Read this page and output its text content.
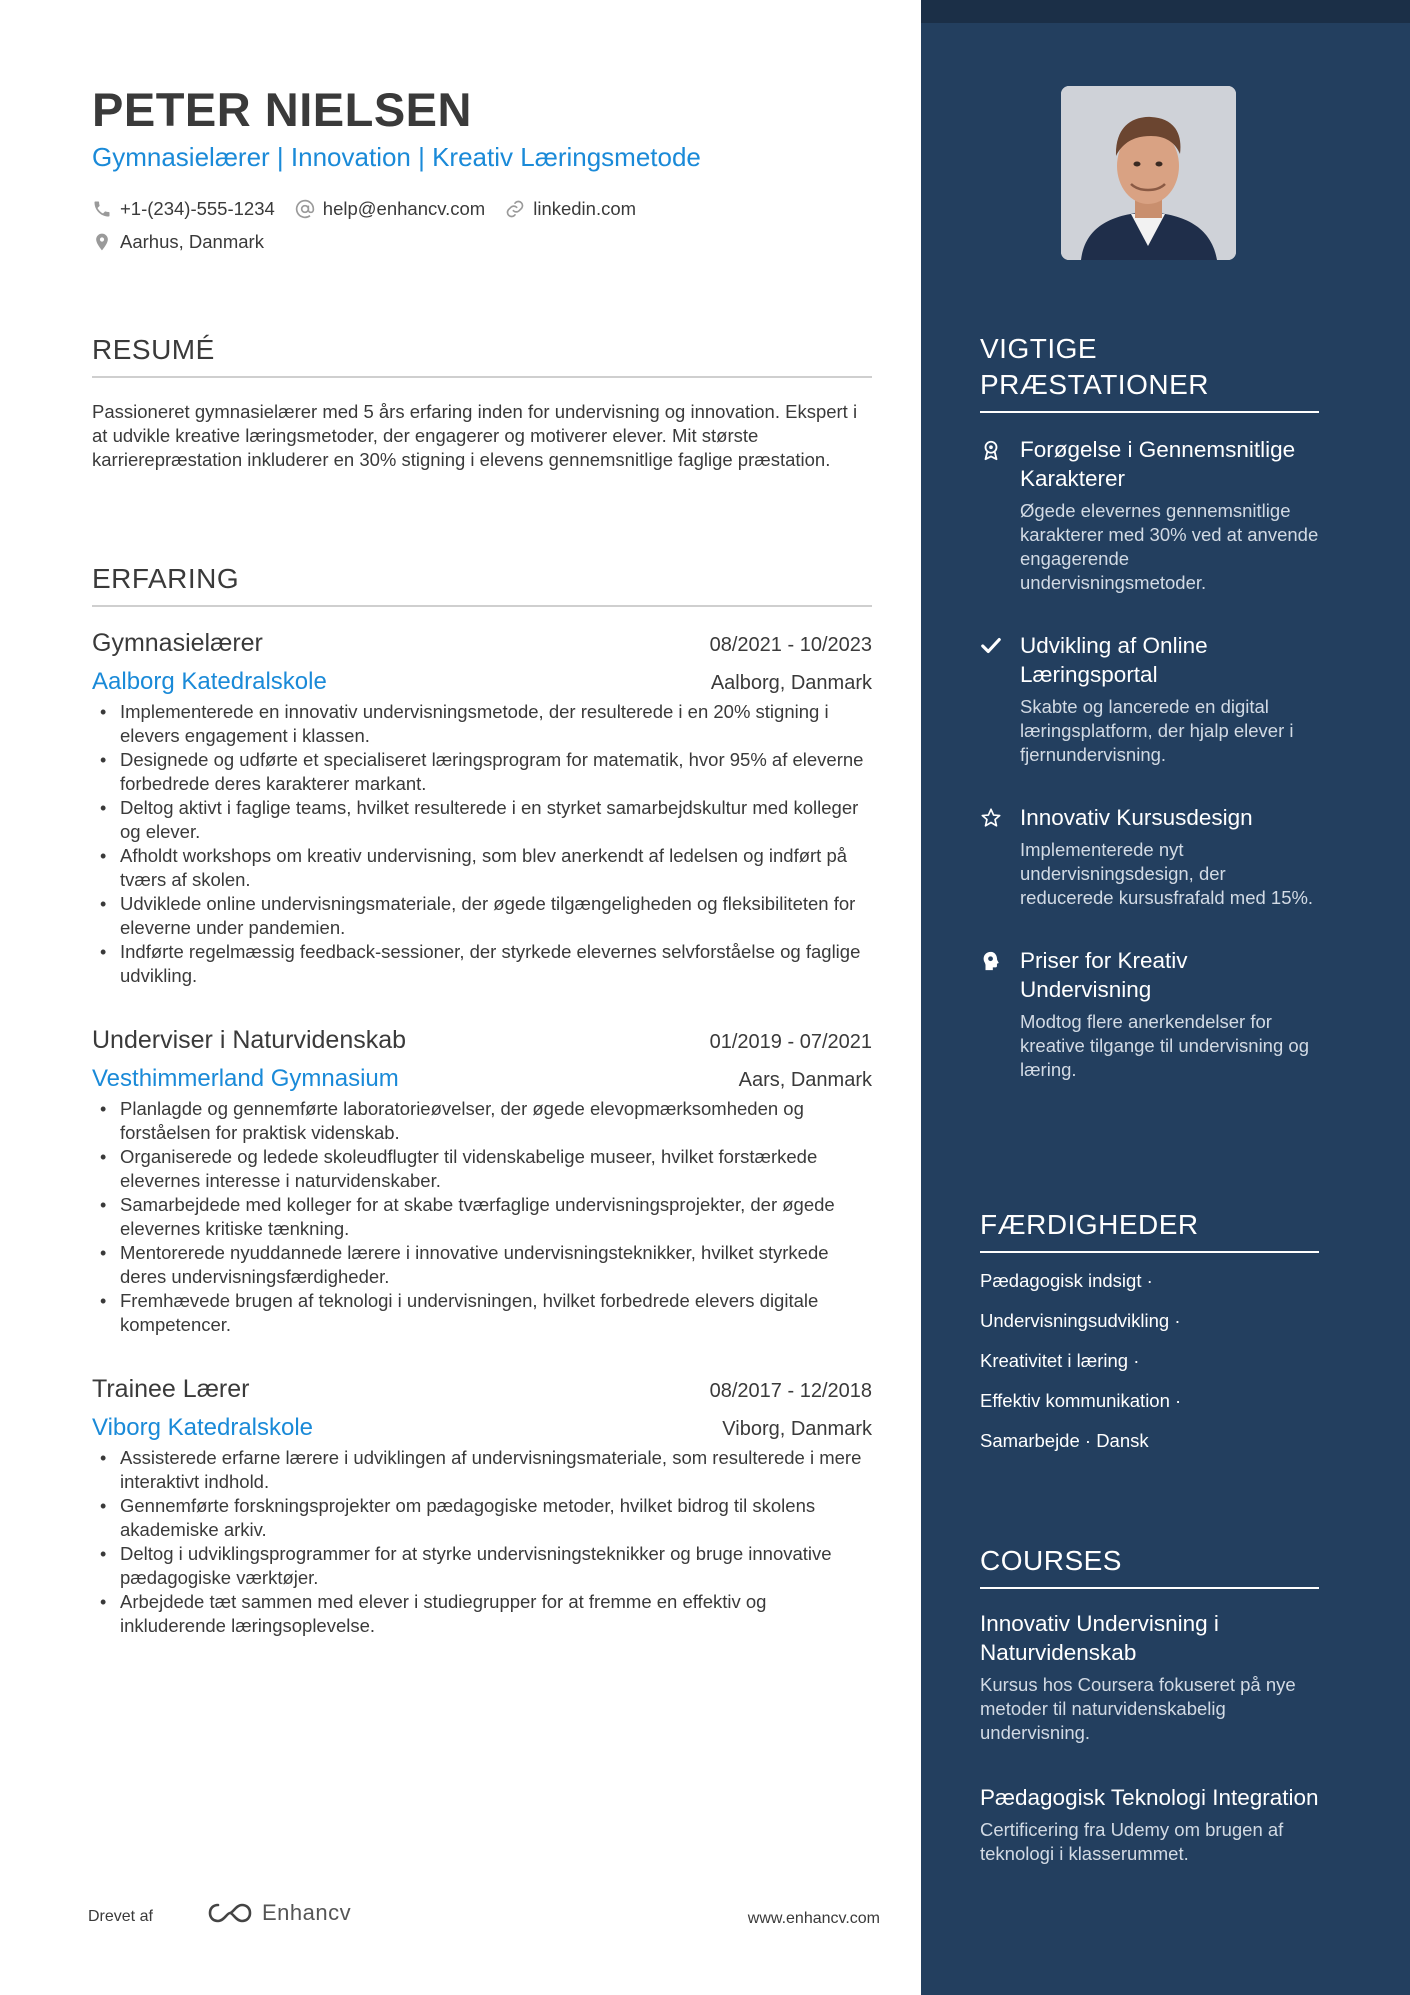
PETER NIELSEN
Gymnasielærer | Innovation | Kreativ Læringsmetode
+1-(234)-555-1234	help@enhancv.com	linkedin.com
Aarhus, Danmark
RESUMÉ

Passioneret gymnasielærer med 5 års erfaring inden for undervisning og innovation. Ekspert i at udvikle kreative læringsmetoder, der engagerer og motiverer elever. Mit største karrierepræstation inkluderer en 30% stigning i elevens gennemsnitlige faglige præstation.

ERFARING
Gymnasielærer	08/2021 - 10/2023
Aalborg Katedralskole	Aalborg, Danmark
• Implementerede en innovativ undervisningsmetode, der resulterede i en 20% stigning i elevers engagement i klassen.
• Designede og udførte et specialiseret læringsprogram for matematik, hvor 95% af eleverne forbedrede deres karakterer markant.
• Deltog aktivt i faglige teams, hvilket resulterede i en styrket samarbejdskultur med kolleger og elever.
• Afholdt workshops om kreativ undervisning, som blev anerkendt af ledelsen og indført på tværs af skolen.
• Udviklede online undervisningsmateriale, der øgede tilgængeligheden og fleksibiliteten for eleverne under pandemien.
• Indførte regelmæssig feedback-sessioner, der styrkede elevernes selvforståelse og faglige udvikling.
Underviser i Naturvidenskab	01/2019 - 07/2021
Vesthimmerland Gymnasium	Aars, Danmark
• Planlagde og gennemførte laboratorieøvelser, der øgede elevopmærksomheden og forståelsen for praktisk videnskab.
• Organiserede og ledede skoleudflugter til videnskabelige museer, hvilket forstærkede elevernes interesse i naturvidenskaber.
• Samarbejdede med kolleger for at skabe tværfaglige undervisningsprojekter, der øgede elevernes kritiske tænkning.
• Mentorerede nyuddannede lærere i innovative undervisningsteknikker, hvilket styrkede deres undervisningsfærdigheder.
• Fremhævede brugen af teknologi i undervisningen, hvilket forbedrede elevers digitale kompetencer.
Trainee Lærer	08/2017 - 12/2018
Viborg Katedralskole	Viborg, Danmark
• Assisterede erfarne lærere i udviklingen af undervisningsmateriale, som resulterede i mere interaktivt indhold.
• Gennemførte forskningsprojekter om pædagogiske metoder, hvilket bidrog til skolens akademiske arkiv.
• Deltog i udviklingsprogrammer for at styrke undervisningsteknikker og bruge innovative pædagogiske værktøjer.
• Arbejdede tæt sammen med elever i studiegrupper for at fremme en effektiv og inkluderende læringsoplevelse.
Drevet af	Enhancv	www.enhancv.com
VIGTIGE PRÆSTATIONER
Forøgelse i Gennemsnitlige Karakterer
Øgede elevernes gennemsnitlige karakterer med 30% ved at anvende engagerende undervisningsmetoder.
Udvikling af Online Læringsportal
Skabte og lancerede en digital læringsplatform, der hjalp elever i fjernundervisning.
Innovativ Kursusdesign
Implementerede nyt undervisningsdesign, der reducerede kursusfrafald med 15%.
Priser for Kreativ Undervisning
Modtog flere anerkendelser for kreative tilgange til undervisning og læring.
FÆRDIGHEDER
Pædagogisk indsigt ·
Undervisningsudvikling ·
Kreativitet i læring ·
Effektiv kommunikation ·
Samarbejde · Dansk
COURSES
Innovativ Undervisning i Naturvidenskab
Kursus hos Coursera fokuseret på nye metoder til naturvidenskabelig undervisning.
Pædagogisk Teknologi Integration
Certificering fra Udemy om brugen af teknologi i klasserummet.
